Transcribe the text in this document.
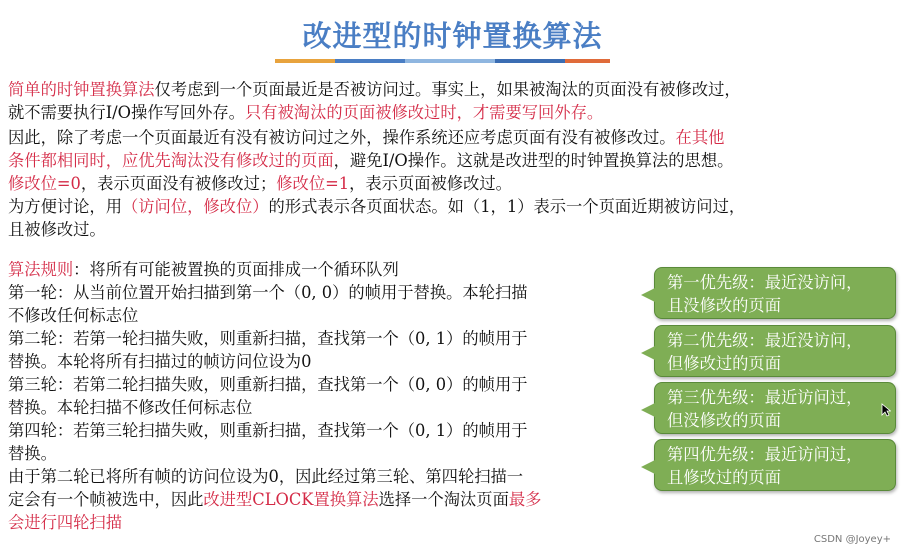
改进型的时钟置换算法
简单的时钟置换算法仅考虑到一个页面最近是否被访问过。事实上，如果被淘汰的页面没有被修改过，
就不需要执行I/O操作写回外存。只有被淘汰的页面被修改过时，才需要写回外存。
因此，除了考虑一个页面最近有没有被访问过之外，操作系统还应考虑页面有没有被修改过。在其他
条件都相同时，应优先淘汰没有修改过的页面，避免I/O操作。这就是改进型的时钟置换算法的思想。
修改位=0，表示页面没有被修改过；修改位=1，表示页面被修改过。
为方便讨论，用（访问位，修改位）的形式表示各页面状态。如（1，1）表示一个页面近期被访问过，
且被修改过。
算法规则：将所有可能被置换的页面排成一个循环队列
第一轮：从当前位置开始扫描到第一个（0, 0）的帧用于替换。本轮扫描
不修改任何标志位
第二轮：若第一轮扫描失败，则重新扫描，查找第一个（0, 1）的帧用于
替换。本轮将所有扫描过的帧访问位设为0
第三轮：若第二轮扫描失败，则重新扫描，查找第一个（0, 0）的帧用于
替换。本轮扫描不修改任何标志位
第四轮：若第三轮扫描失败，则重新扫描，查找第一个（0, 1）的帧用于
替换。
由于第二轮已将所有帧的访问位设为0，因此经过第三轮、第四轮扫描一
定会有一个帧被选中，因此改进型CLOCK置换算法选择一个淘汰页面最多
会进行四轮扫描
第一优先级：最近没访问，
且没修改的页面
第二优先级：最近没访问，
但修改过的页面
第三优先级：最近访问过，
但没修改的页面
第四优先级：最近访问过，
且修改过的页面
CSDN @Joyey+
